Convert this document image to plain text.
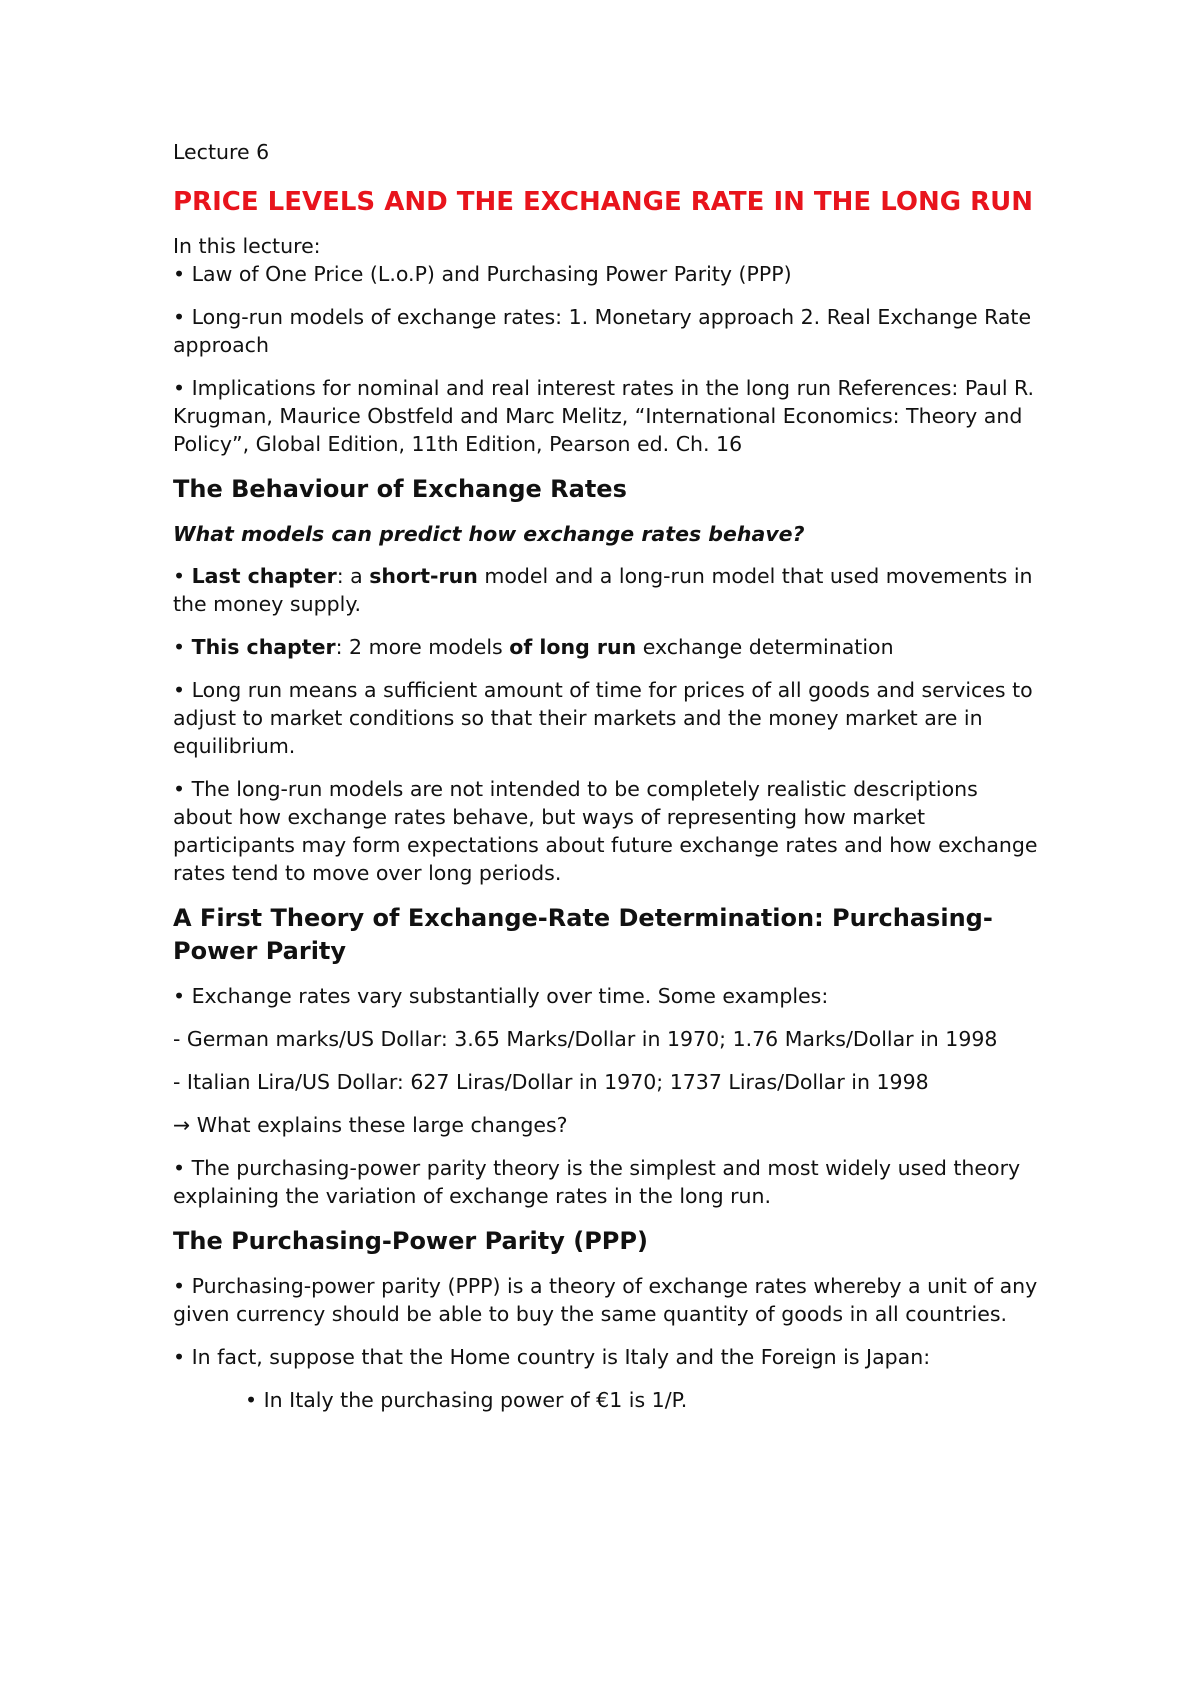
Lecture 6

PRICE LEVELS AND THE EXCHANGE RATE IN THE LONG RUN

In this lecture:

• Law of One Price (L.o.P) and Purchasing Power Parity (PPP)

• Long-run models of exchange rates: 1. Monetary approach 2. Real Exchange Rate approach

• Implications for nominal and real interest rates in the long run References: Paul R. Krugman, Maurice Obstfeld and Marc Melitz, “International Economics: Theory and Policy”, Global Edition, 11th Edition, Pearson ed. Ch. 16

The Behaviour of Exchange Rates

What models can predict how exchange rates behave?

• Last chapter: a short-run model and a long-run model that used movements in the money supply.

• This chapter: 2 more models of long run exchange determination

• Long run means a sufficient amount of time for prices of all goods and services to adjust to market conditions so that their markets and the money market are in equilibrium.

• The long-run models are not intended to be completely realistic descriptions about how exchange rates behave, but ways of representing how market participants may form expectations about future exchange rates and how exchange rates tend to move over long periods.

A First Theory of Exchange-Rate Determination: Purchasing-Power Parity

• Exchange rates vary substantially over time. Some examples:

- German marks/US Dollar: 3.65 Marks/Dollar in 1970; 1.76 Marks/Dollar in 1998

- Italian Lira/US Dollar: 627 Liras/Dollar in 1970; 1737 Liras/Dollar in 1998

→ What explains these large changes?

• The purchasing-power parity theory is the simplest and most widely used theory explaining the variation of exchange rates in the long run.

The Purchasing-Power Parity (PPP)

• Purchasing-power parity (PPP) is a theory of exchange rates whereby a unit of any given currency should be able to buy the same quantity of goods in all countries.

• In fact, suppose that the Home country is Italy and the Foreign is Japan:

• In Italy the purchasing power of €1 is 1/P.
